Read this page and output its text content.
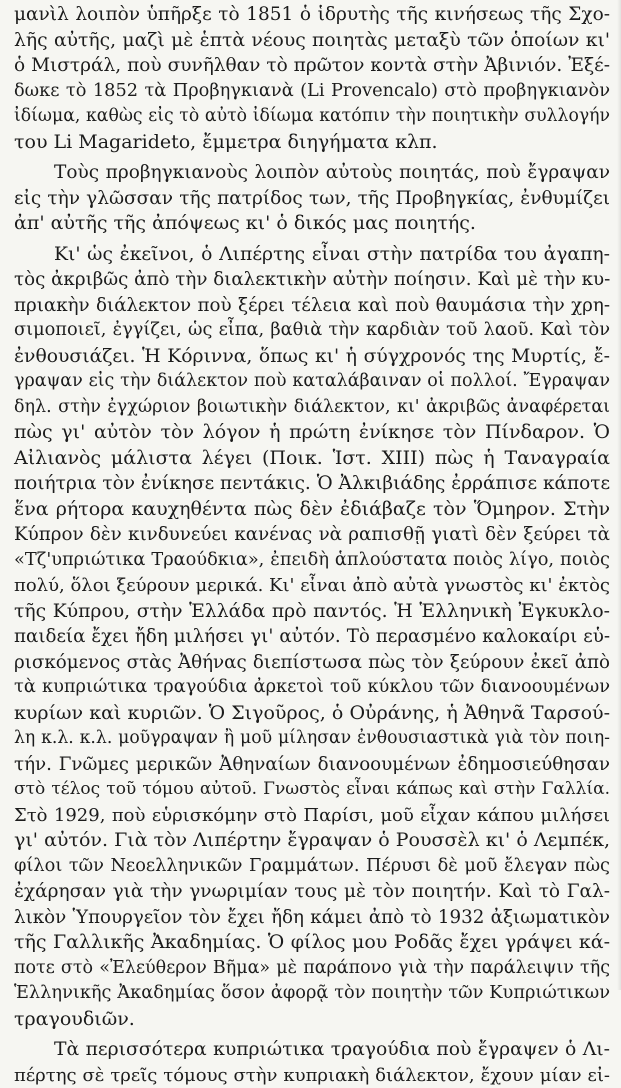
μανὶλ λοιπὸν ὑπῆρξε τὸ 1851 ὁ ἱδρυτὴς τῆς κινήσεως τῆς Σχο-
λῆς αὐτῆς, μαζὶ μὲ ἑπτὰ νέους ποιητὰς μεταξὺ τῶν ὁποίων κι'
ὁ Μιστράλ, ποὺ συνῆλθαν τὸ πρῶτον κοντὰ στὴν Ἀβινιόν. Ἐξέ-
δωκε τὸ 1852 τὰ Προβηγκιανὰ (Li Provencalo) στὸ προβηγκιανὸν
ἰδίωμα, καθὼς εἰς τὸ αὐτὸ ἰδίωμα κατόπιν τὴν ποιητικὴν συλλογήν
του Li Magarideto, ἔμμετρα διηγήματα κλπ.

Τοὺς προβηγκιανοὺς λοιπὸν αὐτοὺς ποιητάς, ποὺ ἔγραψαν
εἰς τὴν γλῶσσαν τῆς πατρίδος των, τῆς Προβηγκίας, ἐνθυμίζει
ἀπ' αὐτῆς τῆς ἀπόψεως κι' ὁ δικός μας ποιητής.

Κι' ὡς ἐκεῖνοι, ὁ Λιπέρτης εἶναι στὴν πατρίδα του ἀγαπη-
τὸς ἀκριβῶς ἀπὸ τὴν διαλεκτικὴν αὐτὴν ποίησιν. Καὶ μὲ τὴν κυ-
πριακὴν διάλεκτον ποὺ ξέρει τέλεια καὶ ποὺ θαυμάσια τὴν χρη-
σιμοποιεῖ, ἐγγίζει, ὡς εἶπα, βαθιὰ τὴν καρδιὰν τοῦ λαοῦ. Καὶ τὸν
ἐνθουσιάζει. Ἡ Κόριννα, ὅπως κι' ἡ σύγχρονός της Μυρτίς, ἔ-
γραψαν εἰς τὴν διάλεκτον ποὺ καταλάβαιναν οἱ πολλοί. Ἔγραψαν
δηλ. στὴν ἐγχώριον βοιωτικὴν διάλεκτον, κι' ἀκριβῶς ἀναφέρεται
πὼς γι' αὐτὸν τὸν λόγον ἡ πρώτη ἐνίκησε τὸν Πίνδαρον. Ὁ
Αἰλιανὸς μάλιστα λέγει (Ποικ. Ἱστ. XIII) πὼς ἡ Ταναγραία
ποιήτρια τὸν ἐνίκησε πεντάκις. Ὁ Ἀλκιβιάδης ἐρράπισε κάποτε
ἕνα ρήτορα καυχηθέντα πὼς δὲν ἐδιάβαζε τὸν Ὅμηρον. Στὴν
Κύπρον δὲν κινδυνεύει κανένας νὰ ραπισθῇ γιατὶ δὲν ξεύρει τὰ
«Τζ'υπριώτικα Τραούδκια», ἐπειδὴ ἁπλούστατα ποιὸς λίγο, ποιὸς
πολύ, ὅλοι ξεύρουν μερικά. Κι' εἶναι ἀπὸ αὐτὰ γνωστὸς κι' ἐκτὸς
τῆς Κύπρου, στὴν Ἑλλάδα πρὸ παντός. Ἡ Ἑλληνικὴ Ἐγκυκλο-
παιδεία ἔχει ἤδη μιλήσει γι' αὐτόν. Τὸ περασμένο καλοκαίρι εὑ-
ρισκόμενος στὰς Ἀθήνας διεπίστωσα πὼς τὸν ξεύρουν ἐκεῖ ἀπὸ
τὰ κυπριώτικα τραγούδια ἀρκετοὶ τοῦ κύκλου τῶν διανοουμένων
κυρίων καὶ κυριῶν. Ὁ Σιγοῦρος, ὁ Οὐράνης, ἡ Ἀθηνᾶ Ταρσού-
λη κ.λ. κ.λ. μοῦγραψαν ἢ μοῦ μίλησαν ἐνθουσιαστικὰ γιὰ τὸν ποιη-
τήν. Γνῶμες μερικῶν Ἀθηναίων διανοουμένων ἐδημοσιεύθησαν
στὸ τέλος τοῦ τόμου αὐτοῦ. Γνωστὸς εἶναι κάπως καὶ στὴν Γαλλία.
Στὸ 1929, ποὺ εὑρισκόμην στὸ Παρίσι, μοῦ εἶχαν κάπου μιλήσει
γι' αὐτόν. Γιὰ τὸν Λιπέρτην ἔγραψαν ὁ Ρουσσὲλ κι' ὁ Λεμπέκ,
φίλοι τῶν Νεοελληνικῶν Γραμμάτων. Πέρυσι δὲ μοῦ ἔλεγαν πὼς
ἐχάρησαν γιὰ τὴν γνωριμίαν τους μὲ τὸν ποιητήν. Καὶ τὸ Γαλ-
λικὸν Ὑπουργεῖον τὸν ἔχει ἤδη κάμει ἀπὸ τὸ 1932 ἀξιωματικὸν
τῆς Γαλλικῆς Ἀκαδημίας. Ὁ φίλος μου Ροδᾶς ἔχει γράψει κά-
ποτε στὸ «Ἐλεύθερον Βῆμα» μὲ παράπονο γιὰ τὴν παράλειψιν τῆς
Ἑλληνικῆς Ἀκαδημίας ὅσον ἀφορᾷ τὸν ποιητὴν τῶν Κυπριώτικων
τραγουδιῶν.

Τὰ περισσότερα κυπριώτικα τραγούδια ποὺ ἔγραψεν ὁ Λι-
πέρτης σὲ τρεῖς τόμους στὴν κυπριακὴ διάλεκτον, ἔχουν μίαν εἰ-
